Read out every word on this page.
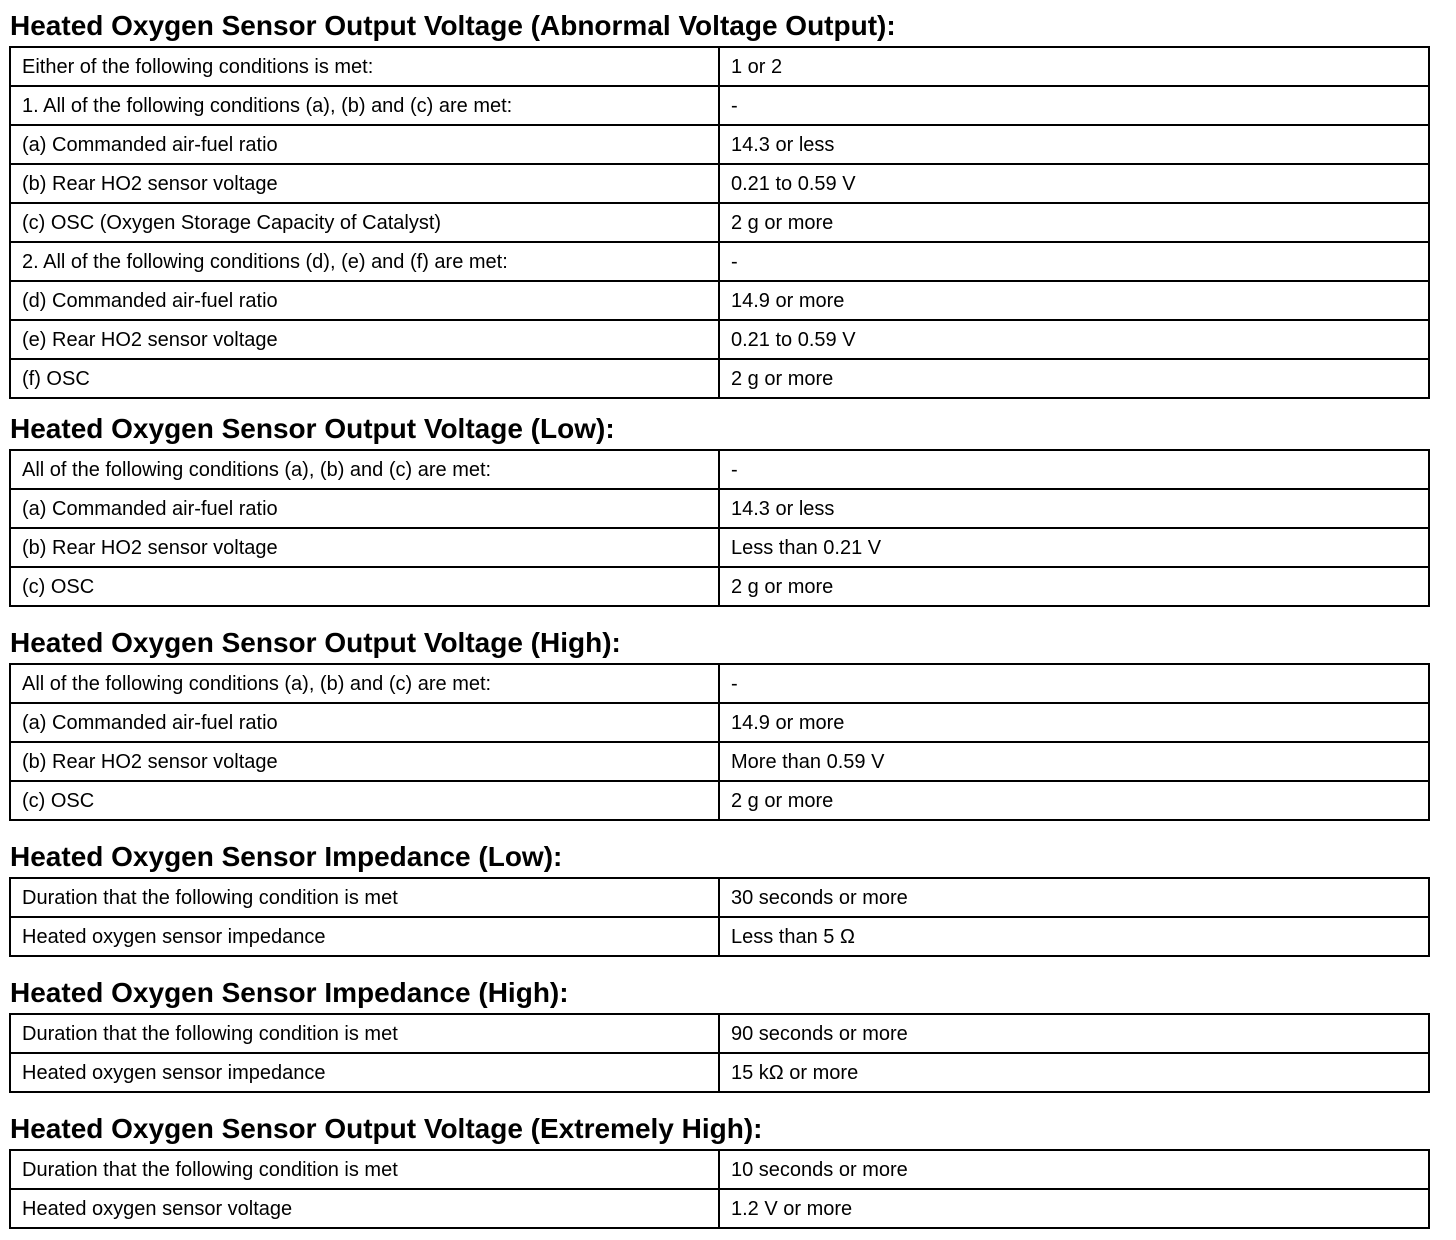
Heated Oxygen Sensor Output Voltage (Abnormal Voltage Output):
Either of the following conditions is met:	1 or 2
1. All of the following conditions (a), (b) and (c) are met:	-
(a) Commanded air-fuel ratio	14.3 or less
(b) Rear HO2 sensor voltage	0.21 to 0.59 V
(c) OSC (Oxygen Storage Capacity of Catalyst)	2 g or more
2. All of the following conditions (d), (e) and (f) are met:	-
(d) Commanded air-fuel ratio	14.9 or more
(e) Rear HO2 sensor voltage	0.21 to 0.59 V
(f) OSC	2 g or more
Heated Oxygen Sensor Output Voltage (Low):
All of the following conditions (a), (b) and (c) are met:	-
(a) Commanded air-fuel ratio	14.3 or less
(b) Rear HO2 sensor voltage	Less than 0.21 V
(c) OSC	2 g or more
Heated Oxygen Sensor Output Voltage (High):
All of the following conditions (a), (b) and (c) are met:	-
(a) Commanded air-fuel ratio	14.9 or more
(b) Rear HO2 sensor voltage	More than 0.59 V
(c) OSC	2 g or more
Heated Oxygen Sensor Impedance (Low):
Duration that the following condition is met	30 seconds or more
Heated oxygen sensor impedance	Less than 5 Ω
Heated Oxygen Sensor Impedance (High):
Duration that the following condition is met	90 seconds or more
Heated oxygen sensor impedance	15 kΩ or more
Heated Oxygen Sensor Output Voltage (Extremely High):
Duration that the following condition is met	10 seconds or more
Heated oxygen sensor voltage	1.2 V or more
